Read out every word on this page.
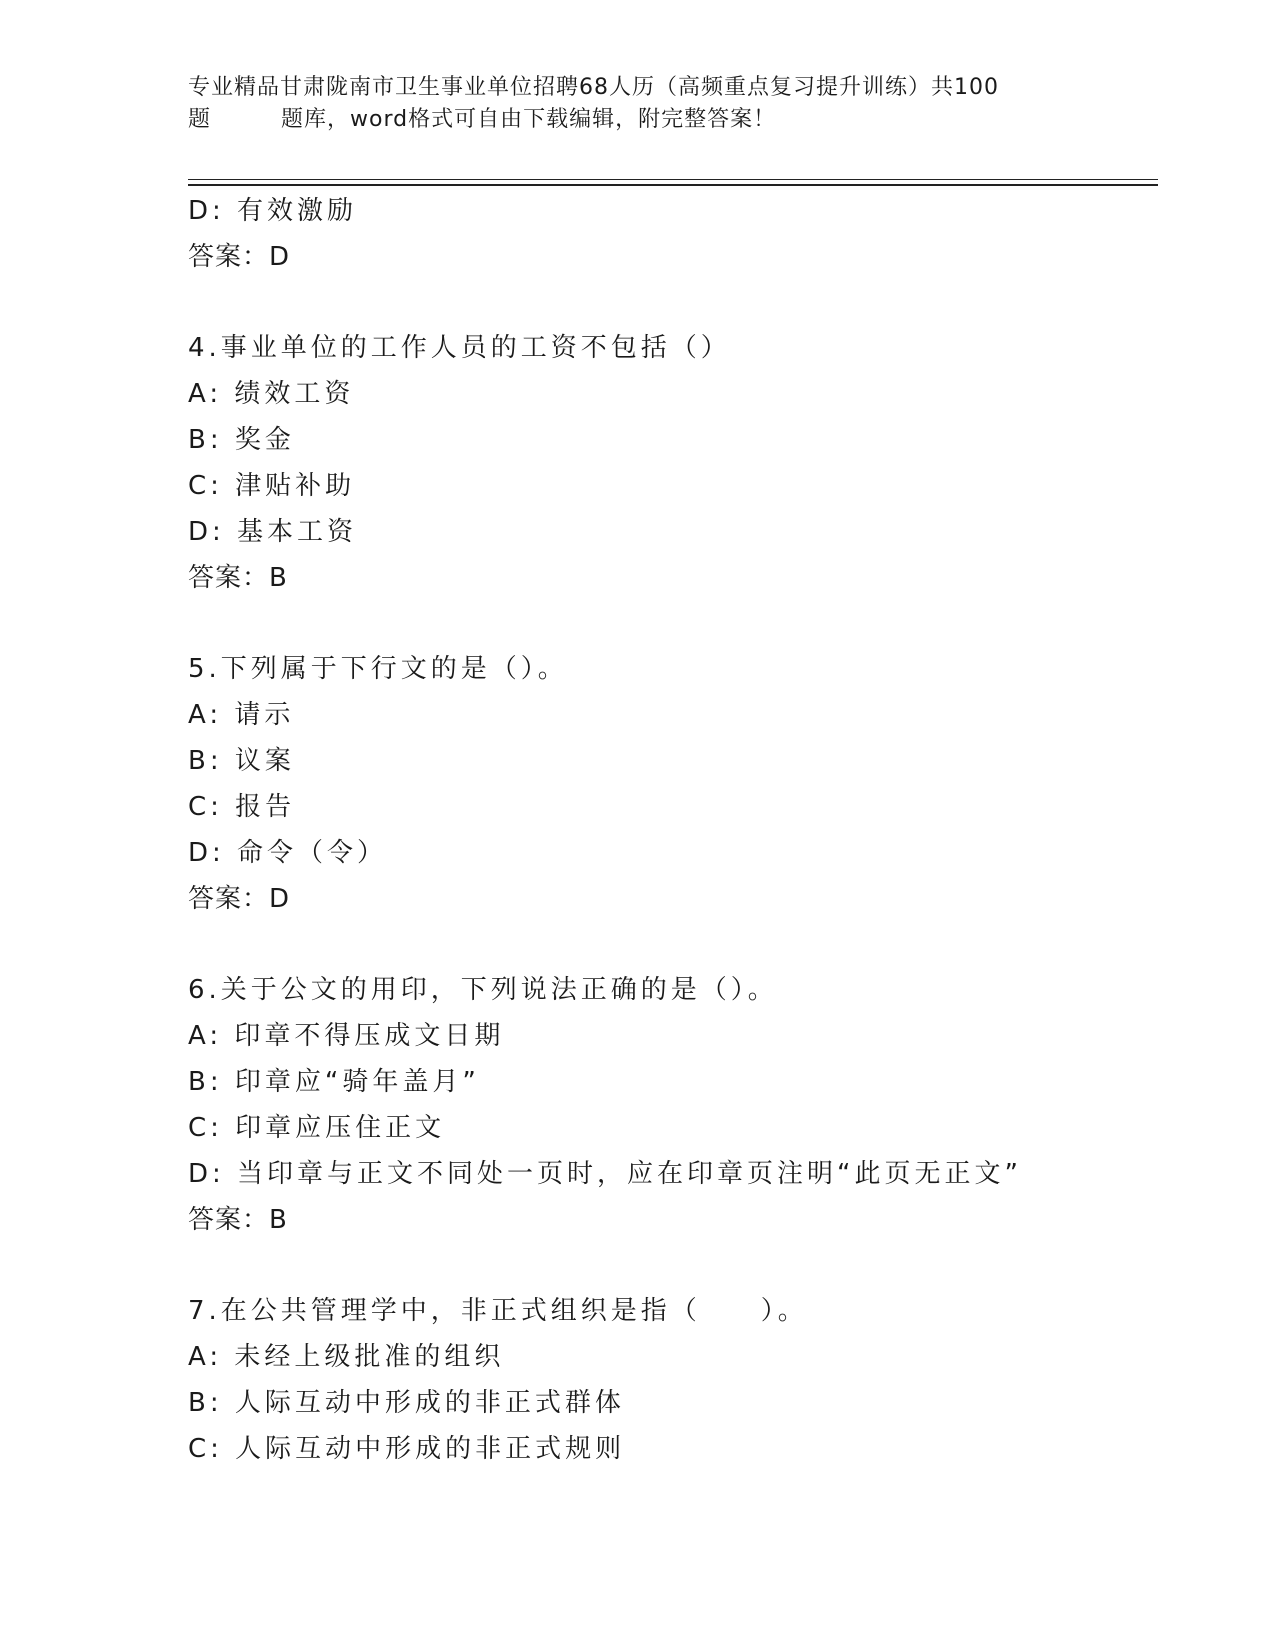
专业精品甘肃陇南市卫生事业单位招聘68人历（高频重点复习提升训练）共100
题	题库，word格式可自由下载编辑，附完整答案！
D: 有效激励
答案：D
4.事业单位的工作人员的工资不包括（）
A: 绩效工资
B: 奖金
C: 津贴补助
D: 基本工资
答案：B
5.下列属于下行文的是（）。
A: 请示
B: 议案
C: 报告
D: 命令（令）
答案：D
6.关于公文的用印，下列说法正确的是（）。
A: 印章不得压成文日期
B: 印章应“骑年盖月”
C: 印章应压住正文
D: 当印章与正文不同处一页时，应在印章页注明“此页无正文”
答案：B
7.在公共管理学中，非正式组织是指（　　）。
A: 未经上级批准的组织
B: 人际互动中形成的非正式群体
C: 人际互动中形成的非正式规则
